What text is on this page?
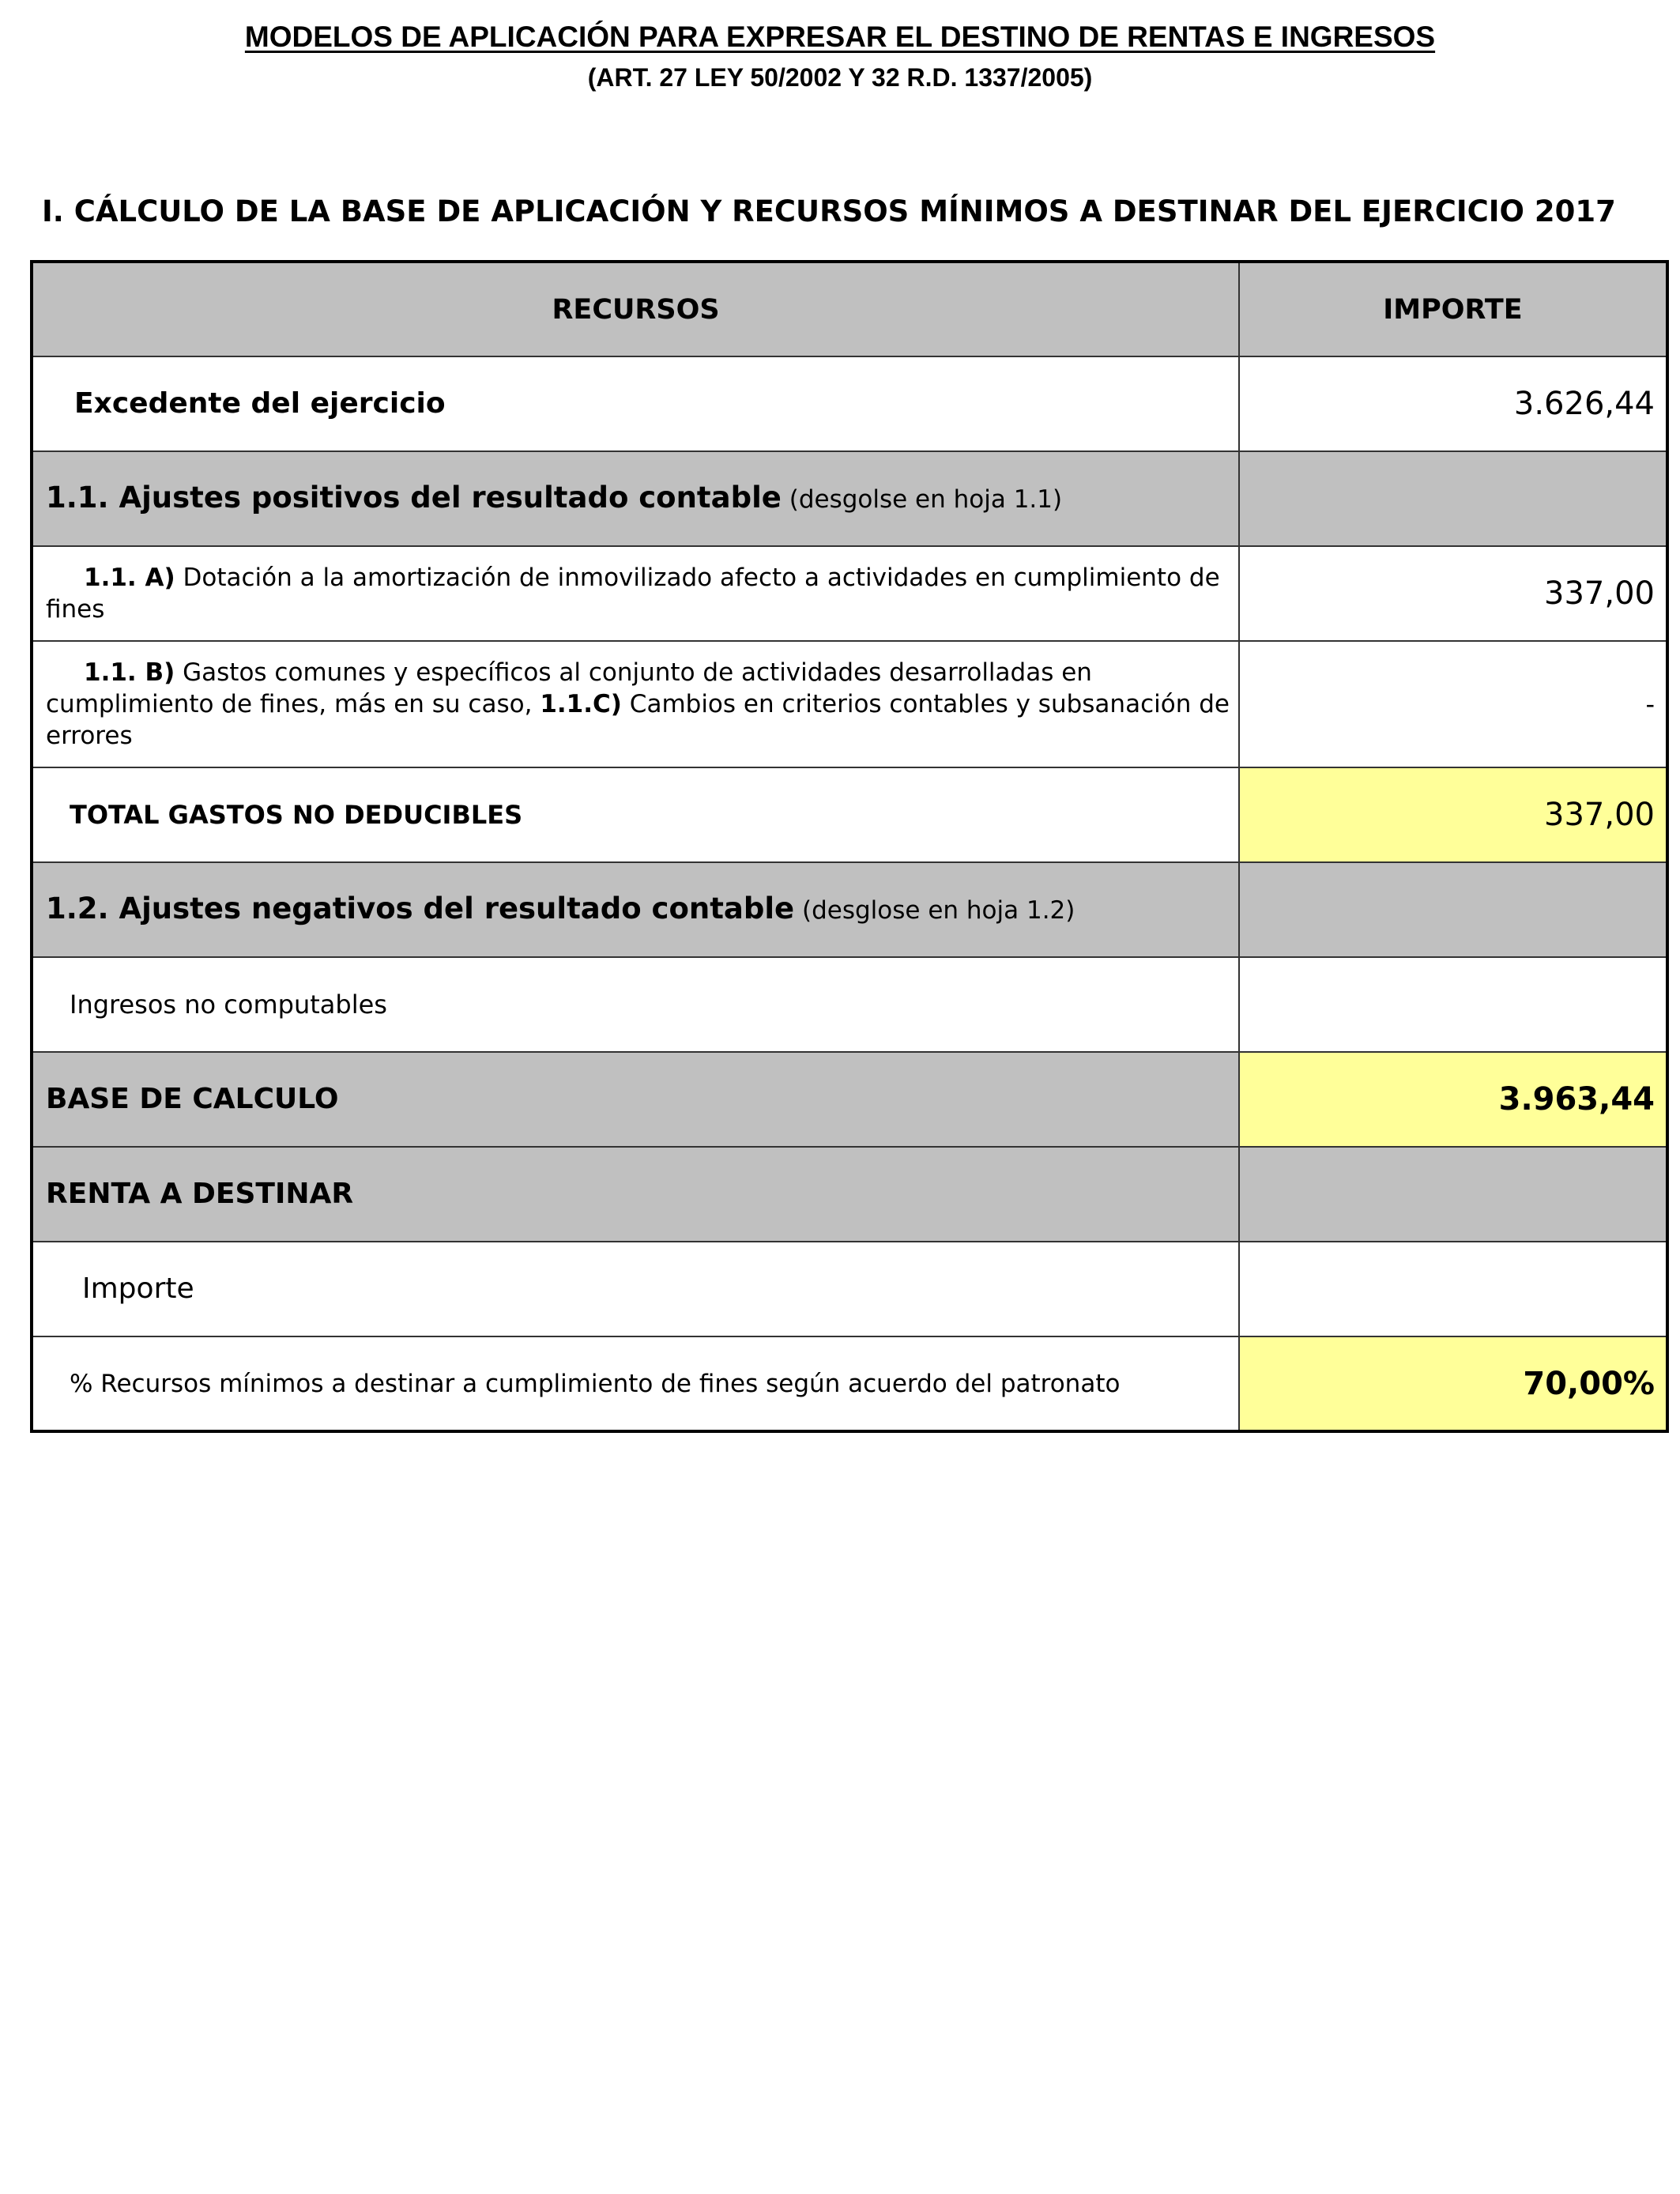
MODELOS DE APLICACIÓN PARA EXPRESAR EL DESTINO DE RENTAS E INGRESOS
(ART. 27 LEY 50/2002 Y 32 R.D. 1337/2005)
I. CÁLCULO DE LA BASE DE APLICACIÓN Y RECURSOS MÍNIMOS A DESTINAR DEL EJERCICIO 2017
RECURSOS	IMPORTE
Excedente del ejercicio	3.626,44
1.1. Ajustes positivos del resultado contable (desgolse en hoja 1.1)	
1.1. A) Dotación a la amortización de inmovilizado afecto a actividades en cumplimiento de fines	337,00
1.1. B) Gastos comunes y específicos al conjunto de actividades desarrolladas en cumplimiento de fines, más en su caso, 1.1.C) Cambios en criterios contables y subsanación de errores	-
TOTAL GASTOS NO DEDUCIBLES	337,00
1.2. Ajustes negativos del resultado contable (desglose en hoja 1.2)	
Ingresos no computables	
BASE DE CALCULO	3.963,44
RENTA A DESTINAR	
Importe	
% Recursos mínimos a destinar a cumplimiento de fines según acuerdo del patronato	70,00%
